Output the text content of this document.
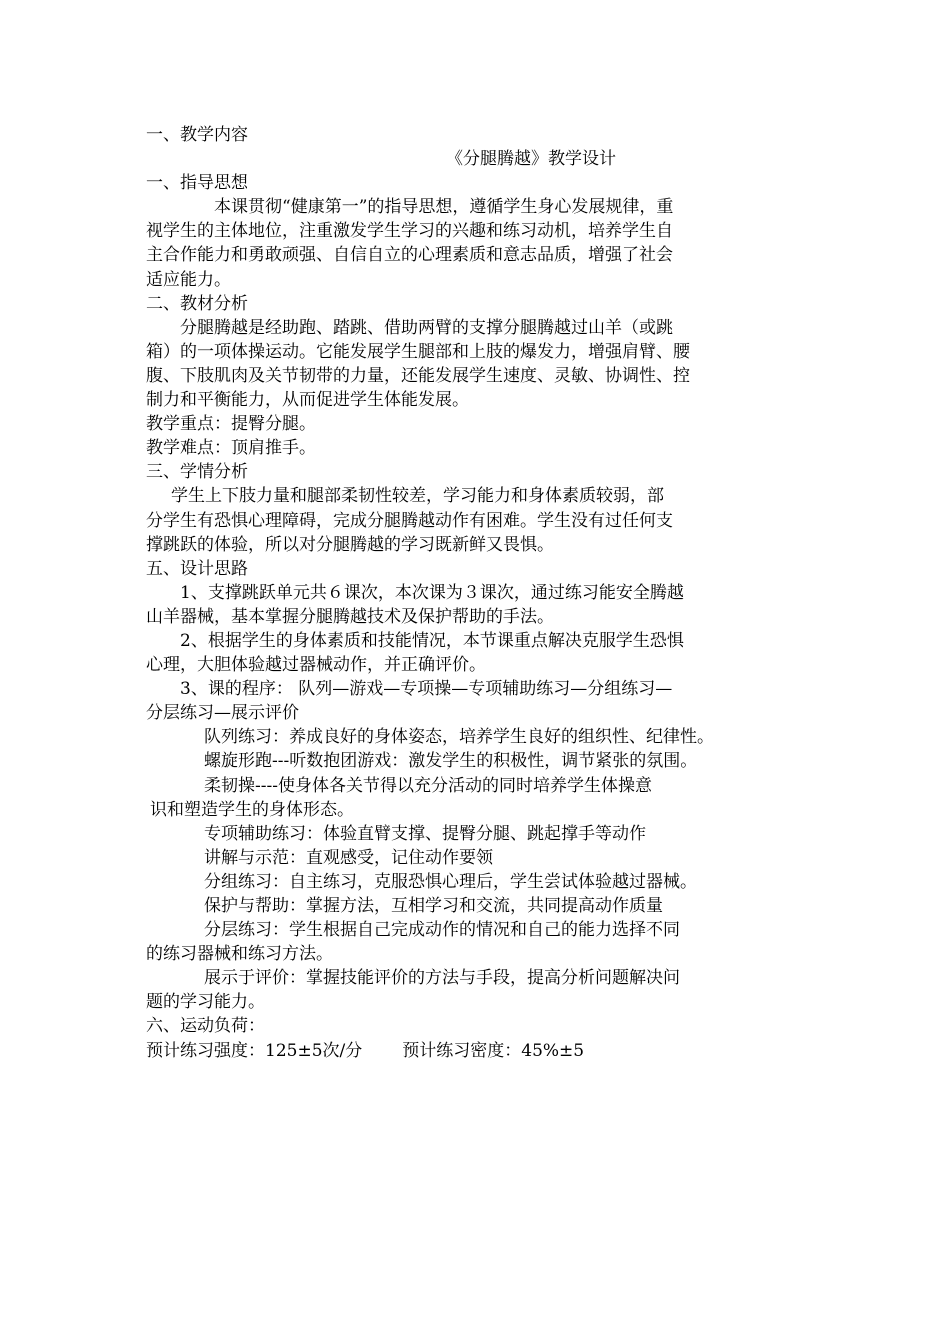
一、教学内容
《分腿腾越》教学设计
一、指导思想
本课贯彻“健康第一”的指导思想，遵循学生身心发展规律，重
视学生的主体地位，注重激发学生学习的兴趣和练习动机，培养学生自
主合作能力和勇敢顽强、自信自立的心理素质和意志品质，增强了社会
适应能力。
二、教材分析
分腿腾越是经助跑、踏跳、借助两臂的支撑分腿腾越过山羊（或跳
箱）的一项体操运动。它能发展学生腿部和上肢的爆发力，增强肩臂、腰
腹、下肢肌肉及关节韧带的力量，还能发展学生速度、灵敏、协调性、控
制力和平衡能力，从而促进学生体能发展。
教学重点：提臀分腿。
教学难点：顶肩推手。
三、学情分析
学生上下肢力量和腿部柔韧性较差，学习能力和身体素质较弱，部
分学生有恐惧心理障碍，完成分腿腾越动作有困难。学生没有过任何支
撑跳跃的体验，所以对分腿腾越的学习既新鲜又畏惧。
五、设计思路
1、支撑跳跃单元共６课次，本次课为３课次，通过练习能安全腾越
山羊器械，基本掌握分腿腾越技术及保护帮助的手法。
2、根据学生的身体素质和技能情况，本节课重点解决克服学生恐惧
心理，大胆体验越过器械动作，并正确评价。
3、课的程序： 队列—游戏—专项操—专项辅助练习—分组练习—
分层练习—展示评价
队列练习：养成良好的身体姿态，培养学生良好的组织性、纪律性。
螺旋形跑---听数抱团游戏：激发学生的积极性，调节紧张的氛围。
柔韧操----使身体各关节得以充分活动的同时培养学生体操意
识和塑造学生的身体形态。
专项辅助练习：体验直臂支撑、提臀分腿、跳起撑手等动作
讲解与示范：直观感受，记住动作要领
分组练习：自主练习，克服恐惧心理后，学生尝试体验越过器械。
保护与帮助：掌握方法，互相学习和交流，共同提高动作质量
分层练习：学生根据自己完成动作的情况和自己的能力选择不同
的练习器械和练习方法。
展示于评价：掌握技能评价的方法与手段，提高分析问题解决问
题的学习能力。
六、运动负荷：
预计练习强度：125±5次/分 预计练习密度：45%±5
